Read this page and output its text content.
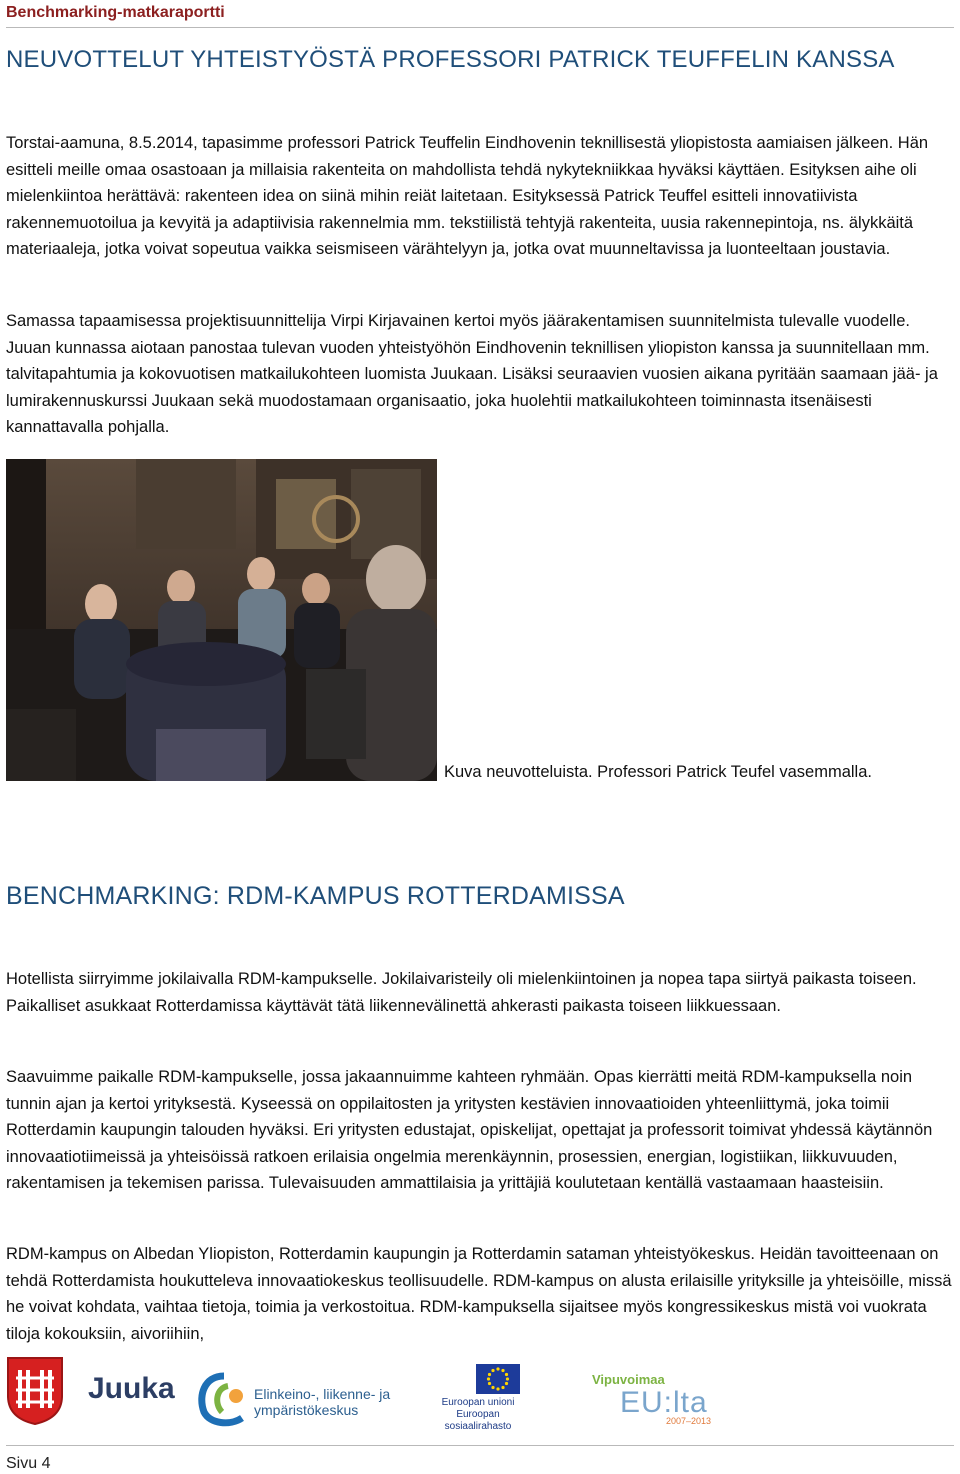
Benchmarking-matkaraportti
NEUVOTTELUT YHTEISTYÖSTÄ PROFESSORI PATRICK TEUFFELIN KANSSA

Torstai-aamuna, 8.5.2014, tapasimme professori Patrick Teuffelin Eindhovenin teknillisestä yliopistosta aamiaisen jälkeen. Hän esitteli meille omaa osastoaan ja millaisia rakenteita on mahdollista tehdä nykytekniikkaa hyväksi käyttäen. Esityksen aihe oli mielenkiintoa herättävä: rakenteen idea on siinä mihin reiät laitetaan. Esityksessä Patrick Teuffel esitteli innovatiivista rakennemuotoilua ja kevyitä ja adaptiivisia rakennelmia mm. tekstiilistä tehtyjä rakenteita, uusia rakennepintoja, ns. älykkäitä materiaaleja, jotka voivat sopeutua vaikka seismiseen värähtelyyn ja, jotka ovat muunneltavissa ja luonteeltaan joustavia.

Samassa tapaamisessa projektisuunnittelija Virpi Kirjavainen kertoi myös jäärakentamisen suunnitelmista tulevalle vuodelle. Juuan kunnassa aiotaan panostaa tulevan vuoden yhteistyöhön Eindhovenin teknillisen yliopiston kanssa ja suunnitellaan mm. talvitapahtumia ja kokovuotisen matkailukohteen luomista Juukaan. Lisäksi seuraavien vuosien aikana pyritään saamaan jää- ja lumirakennuskurssi Juukaan sekä muodostamaan organisaatio, joka huolehtii matkailukohteen toiminnasta itsenäisesti kannattavalla pohjalla.

Kuva neuvotteluista. Professori Patrick Teufel vasemmalla.
BENCHMARKING: RDM-KAMPUS ROTTERDAMISSA

Hotellista siirryimme jokilaivalla RDM-kampukselle. Jokilaivaristeily oli mielenkiintoinen ja nopea tapa siirtyä paikasta toiseen. Paikalliset asukkaat Rotterdamissa käyttävät tätä liikennevälinettä ahkerasti paikasta toiseen liikkuessaan.

Saavuimme paikalle RDM-kampukselle, jossa jakaannuimme kahteen ryhmään. Opas kierrätti meitä RDM-kampuksella noin tunnin ajan ja kertoi yrityksestä. Kyseessä on oppilaitosten ja yritysten kestävien innovaatioiden yhteenliittymä, joka toimii Rotterdamin kaupungin talouden hyväksi. Eri yritysten edustajat, opiskelijat, opettajat ja professorit toimivat yhdessä käytännön innovaatiotiimeissä ja yhteisöissä ratkoen erilaisia ongelmia merenkäynnin, prosessien, energian, logistiikan, liikkuvuuden, rakentamisen ja tekemisen parissa. Tulevaisuuden ammattilaisia ja yrittäjiä koulutetaan kentällä vastaamaan haasteisiin.

RDM-kampus on Albedan Yliopiston, Rotterdamin kaupungin ja Rotterdamin sataman yhteistyökeskus. Heidän tavoitteenaan on tehdä Rotterdamista houkutteleva innovaatiokeskus teollisuudelle. RDM-kampus on alusta erilaisille yrityksille ja yhteisöille, missä he voivat kohdata, vaihtaa tietoja, toimia ja verkostoitua. RDM-kampuksella sijaitsee myös kongressikeskus mistä voi vuokrata tiloja kokouksiin, aivoriihiin,

Juuka	Elinkeino-, liikenne- ja
ympäristökeskus	Euroopan unioni
Euroopan sosiaalirahasto
Vipuvoimaa
EU:lta
2007–2013
Sivu 4
